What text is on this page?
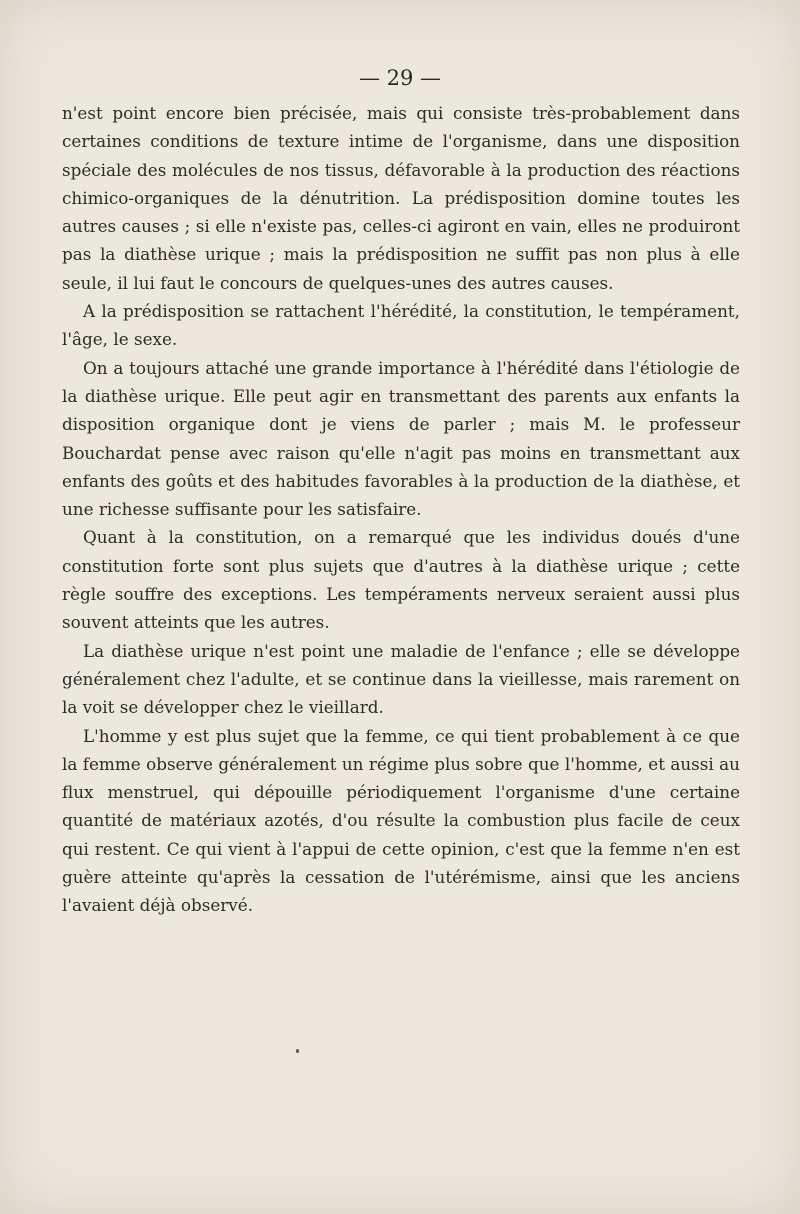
— 29 —

n'est point encore bien précisée, mais qui consiste très-probablement dans certaines conditions de texture intime de l'organisme, dans une disposition spéciale des molécules de nos tissus, défavorable à la production des réactions chimico-organiques de la dénutrition. La prédisposition domine toutes les autres causes ; si elle n'existe pas, celles-ci agiront en vain, elles ne produiront pas la diathèse urique ; mais la prédisposition ne suffit pas non plus à elle seule, il lui faut le concours de quelques-unes des autres causes.

A la prédisposition se rattachent l'hérédité, la constitution, le tempérament, l'âge, le sexe.

On a toujours attaché une grande importance à l'hérédité dans l'étiologie de la diathèse urique. Elle peut agir en transmettant des parents aux enfants la disposition organique dont je viens de parler ; mais M. le professeur Bouchardat pense avec raison qu'elle n'agit pas moins en transmettant aux enfants des goûts et des habitudes favorables à la production de la diathèse, et une richesse suffisante pour les satisfaire.

Quant à la constitution, on a remarqué que les individus doués d'une constitution forte sont plus sujets que d'autres à la diathèse urique ; cette règle souffre des exceptions. Les tempéraments nerveux seraient aussi plus souvent atteints que les autres.

La diathèse urique n'est point une maladie de l'enfance ; elle se développe généralement chez l'adulte, et se continue dans la vieillesse, mais rarement on la voit se développer chez le vieillard.

L'homme y est plus sujet que la femme, ce qui tient probablement à ce que la femme observe généralement un régime plus sobre que l'homme, et aussi au flux menstruel, qui dépouille périodiquement l'organisme d'une certaine quantité de matériaux azotés, d'ou résulte la combustion plus facile de ceux qui restent. Ce qui vient à l'appui de cette opinion, c'est que la femme n'en est guère atteinte qu'après la cessation de l'utérémisme, ainsi que les anciens l'avaient déjà observé.
